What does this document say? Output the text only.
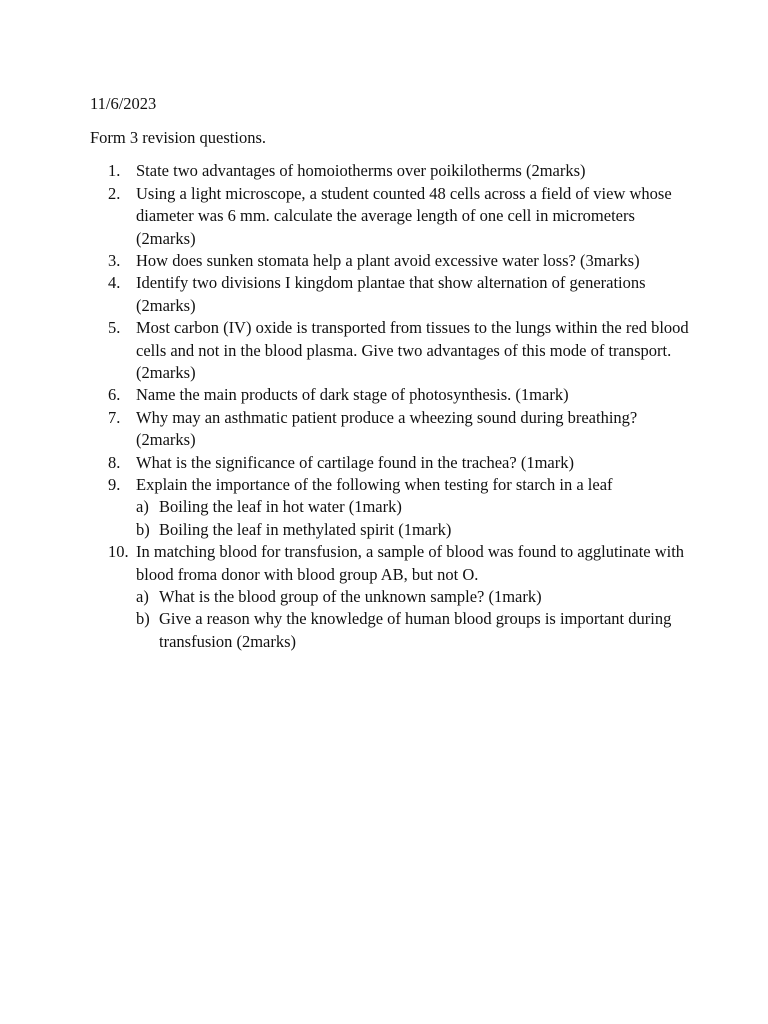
11/6/2023

Form 3 revision questions.

1. State two advantages of homoiotherms over poikilotherms (2marks)
2. Using a light microscope, a student counted 48 cells across a field of view whose diameter was 6 mm. calculate the average length of one cell in micrometers (2marks)
3. How does sunken stomata help a plant avoid excessive water loss? (3marks)
4. Identify two divisions I kingdom plantae that show alternation of generations (2marks)
5. Most carbon (IV) oxide is transported from tissues to the lungs within the red blood cells and not in the blood plasma. Give two advantages of this mode of transport. (2marks)
6. Name the main products of dark stage of photosynthesis. (1mark)
7. Why may an asthmatic patient produce a wheezing sound during breathing? (2marks)
8. What is the significance of cartilage found in the trachea? (1mark)
9. Explain the importance of the following when testing for starch in a leaf
a) Boiling the leaf in hot water (1mark)
b) Boiling the leaf in methylated spirit (1mark)
10. In matching blood for transfusion, a sample of blood was found to agglutinate with blood froma donor with blood group AB, but not O.
a) What is the blood group of the unknown sample? (1mark)
b) Give a reason why the knowledge of human blood groups is important during transfusion (2marks)
